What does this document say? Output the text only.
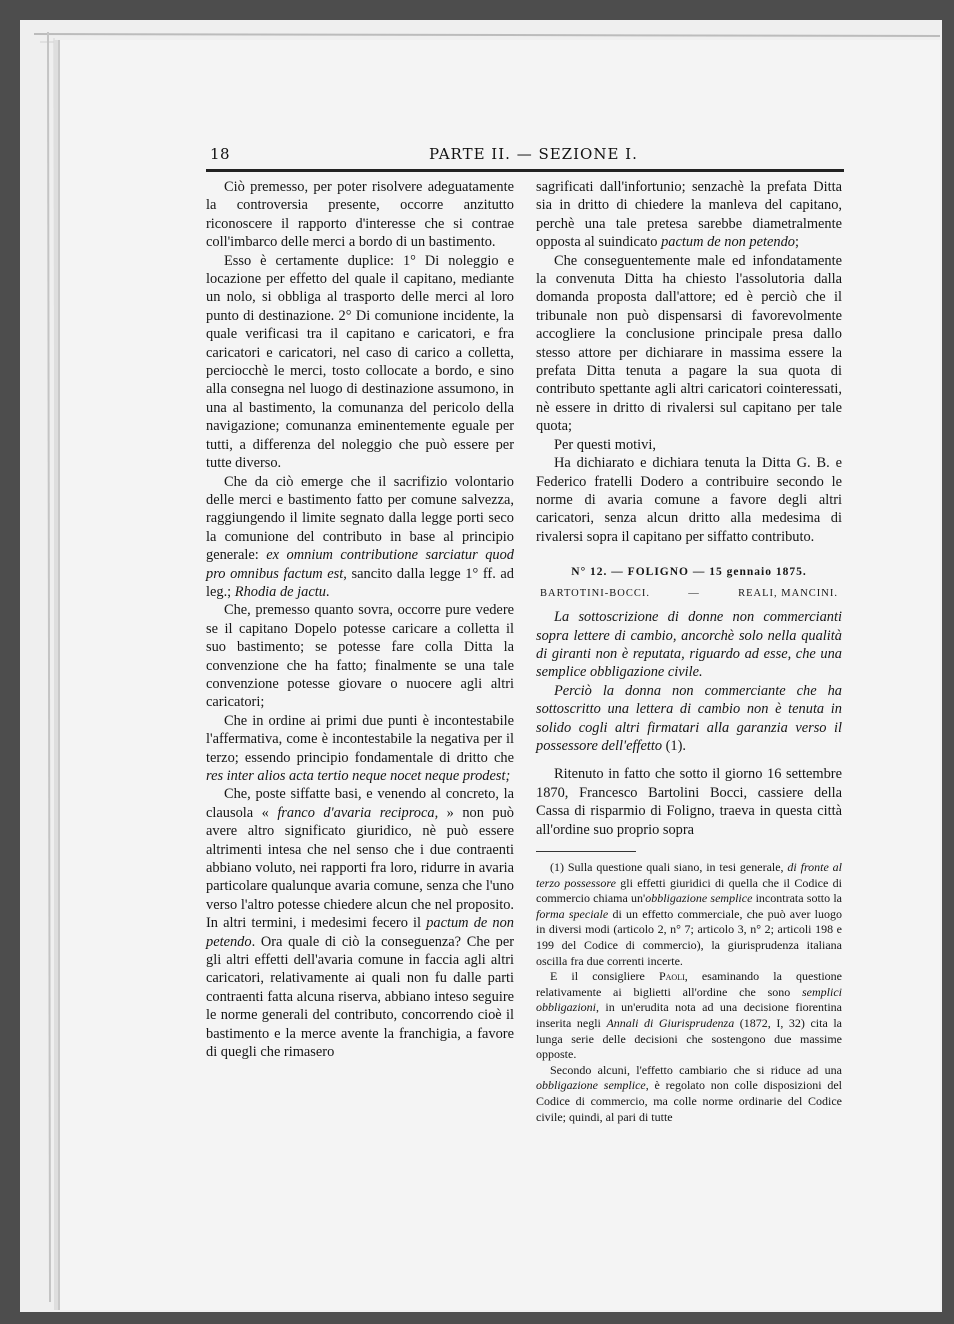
18	PARTE II. — SEZIONE I.

Ciò premesso, per poter risolvere adeguatamente la controversia presente, occorre anzitutto riconoscere il rapporto d'interesse che si contrae coll'imbarco delle merci a bordo di un bastimento.

Esso è certamente duplice: 1° Di noleggio e locazione per effetto del quale il capitano, mediante un nolo, si obbliga al trasporto delle merci al loro punto di destinazione. 2° Di comunione incidente, la quale verificasi tra il capitano e caricatori, e fra caricatori e caricatori, nel caso di carico a colletta, perciocchè le merci, tosto collocate a bordo, e sino alla consegna nel luogo di destinazione assumono, in una al bastimento, la comunanza del pericolo della navigazione; comunanza eminentemente eguale per tutti, a differenza del noleggio che può essere per tutte diverso.

Che da ciò emerge che il sacrifizio volontario delle merci e bastimento fatto per comune salvezza, raggiungendo il limite segnato dalla legge porti seco la comunione del contributo in base al principio generale: ex omnium contributione sarciatur quod pro omnibus factum est, sancito dalla legge 1° ff. ad leg.; Rhodia de jactu.

Che, premesso quanto sovra, occorre pure vedere se il capitano Dopelo potesse caricare a colletta il suo bastimento; se potesse fare colla Ditta la convenzione che ha fatto; finalmente se una tale convenzione potesse giovare o nuocere agli altri caricatori;

Che in ordine ai primi due punti è incontestabile l'affermativa, come è incontestabile la negativa per il terzo; essendo principio fondamentale di dritto che res inter alios acta tertio neque nocet neque prodest;

Che, poste siffatte basi, e venendo al concreto, la clausola « franco d'avaria reciproca, » non può avere altro significato giuridico, nè può essere altrimenti intesa che nel senso che i due contraenti abbiano voluto, nei rapporti fra loro, ridurre in avaria particolare qualunque avaria comune, senza che l'uno verso l'altro potesse chiedere alcun che nel proposito. In altri termini, i medesimi fecero il pactum de non petendo. Ora quale di ciò la conseguenza? Che per gli altri effetti dell'avaria comune in faccia agli altri caricatori, relativamente ai quali non fu dalle parti contraenti fatta alcuna riserva, abbiano inteso seguire le norme generali del contributo, concorrendo cioè il bastimento e la merce avente la franchigia, a favore di quegli che rimasero

sagrificati dall'infortunio; senzachè la prefata Ditta sia in dritto di chiedere la manleva del capitano, perchè una tale pretesa sarebbe diametralmente opposta al suindicato pactum de non petendo;

Che conseguentemente male ed infondatamente la convenuta Ditta ha chiesto l'assolutoria dalla domanda proposta dall'attore; ed è perciò che il tribunale non può dispensarsi di favorevolmente accogliere la conclusione principale presa dallo stesso attore per dichiarare in massima essere la prefata Ditta tenuta a pagare la sua quota di contributo spettante agli altri caricatori cointeressati, nè essere in dritto di rivalersi sul capitano per tale quota;

Per questi motivi,

Ha dichiarato e dichiara tenuta la Ditta G. B. e Federico fratelli Dodero a contribuire secondo le norme di avaria comune a favore degli altri caricatori, senza alcun dritto alla medesima di rivalersi sopra il capitano per siffatto contributo.

N° 12. — FOLIGNO — 15 gennaio 1875.
BARTOTINI-BOCCI.	—	REALI, MANCINI.

La sottoscrizione di donne non commercianti sopra lettere di cambio, ancorchè solo nella qualità di giranti non è reputata, riguardo ad esse, che una semplice obbligazione civile.

Perciò la donna non commerciante che ha sottoscritto una lettera di cambio non è tenuta in solido cogli altri firmatari alla garanzia verso il possessore dell'effetto (1).

Ritenuto in fatto che sotto il giorno 16 settembre 1870, Francesco Bartolini Bocci, cassiere della Cassa di risparmio di Foligno, traeva in questa città all'ordine suo proprio sopra

(1) Sulla questione quali siano, in tesi generale, di fronte al terzo possessore gli effetti giuridici di quella che il Codice di commercio chiama un'obbligazione semplice incontrata sotto la forma speciale di un effetto commerciale, che può aver luogo in diversi modi (articolo 2, n° 7; articolo 3, n° 2; articoli 198 e 199 del Codice di commercio), la giurisprudenza italiana oscilla fra due correnti incerte.

E il consigliere Paoli, esaminando la questione relativamente ai biglietti all'ordine che sono semplici obbligazioni, in un'erudita nota ad una decisione fiorentina inserita negli Annali di Giurisprudenza (1872, I, 32) cita la lunga serie delle decisioni che sostengono due massime opposte.

Secondo alcuni, l'effetto cambiario che si riduce ad una obbligazione semplice, è regolato non colle disposizioni del Codice di commercio, ma colle norme ordinarie del Codice civile; quindi, al pari di tutte
